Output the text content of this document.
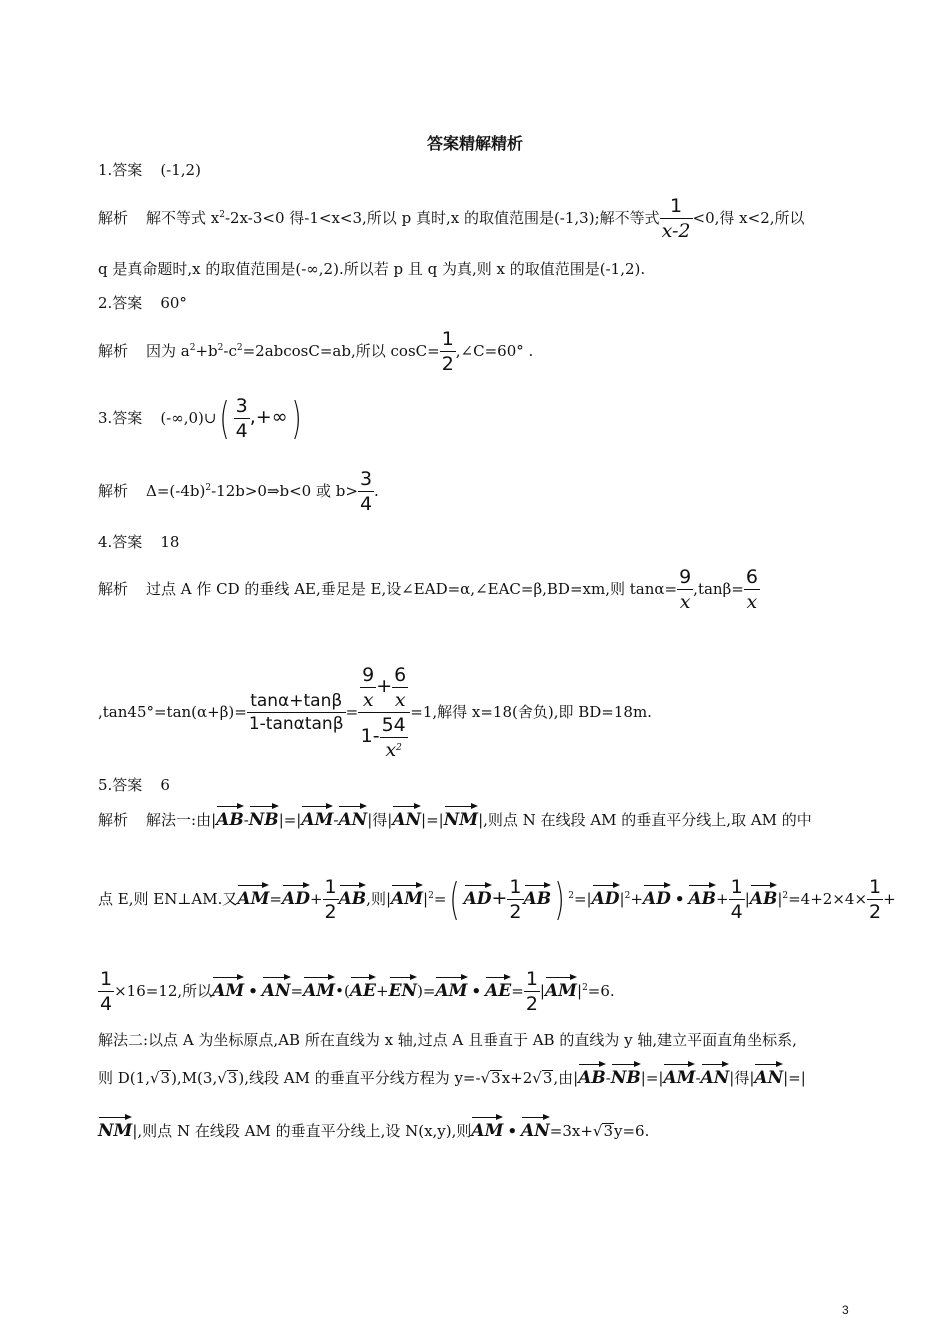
答案精解精析
1.答案 (-1,2)
解析 解不等式 $x^2-2x-3<0$ 得-1<x<3,所以 p 真时,x 的取值范围是(-1,3);解不等式 $\frac{1}{x-2} <0$,得 x<2,所以
q 是真命题时,x 的取值范围是(-∞,2).所以若 p 且 q 为真,则 x 的取值范围是(-1,2).
2.答案 60°
解析 因为 $a^2+b^2-c^2=2abcosC=ab$,所以 $\cos C= \frac{1}{2}$ ,∠C=60° .
3.答案 (-∞,0)∪( $\frac{3}{4}$ ,+∞)
解析 $\Delta=(-4b)^2-12b>0\Rightarrow b<0$ 或 $b> \frac{3}{4}$ .
4.答案 18
解析 过点 A 作 CD 的垂线 AE,垂足是 E,设∠EAD=α,∠EAC=β,BD=xm,则 $\tan\alpha= \frac{9}{x} ,\tan\beta= \frac{6}{x}$
$,\tan 45^\circ=\tan(\alpha+\beta)= \frac{\tan\alpha+\tan\beta}{1-\tan\alpha\tan\beta} = \frac{\frac{9}{x} + \frac{6}{x}}{1- \frac{54}{x^2}} =1$,解得 x=18(舍负),即 BD=18m.
5.答案 6
解析 解法一:由|AB-NB|=|AM-AN|得|AN|=|NM|,则点 N 在线段 AM 的垂直平分线上,取 AM 的中
点 E,则 EN⊥AM.又$AM=AD+ \frac{1}{2}$ AB,则$|AM|^2=$( $AD+ \frac{1}{2} AB$) $^2=|AD|^2+AD$ • $AB+ \frac{1}{4} |AB|^2=4+2\times 4\times \frac{1}{2}$ +
$\frac{1}{4} \times 16=12$,所以AM • AN=AM•(AE+EN)=AM • $AE= \frac{1}{2} |AM|^2=6$.
解法二:以点 A 为坐标原点,AB 所在直线为 x 轴,过点 A 且垂直于 AB 的直线为 y 轴,建立平面直角坐标系,
则 D(1,√3),M(3,√3),线段 AM 的垂直平分线方程为 y=-√3x+2√3,由|AB-NB|=|AM-AN|得|AN|=|
NM|,则点 N 在线段 AM 的垂直平分线上,设 N(x,y),则AM • AN=3x+√3y=6.
3
